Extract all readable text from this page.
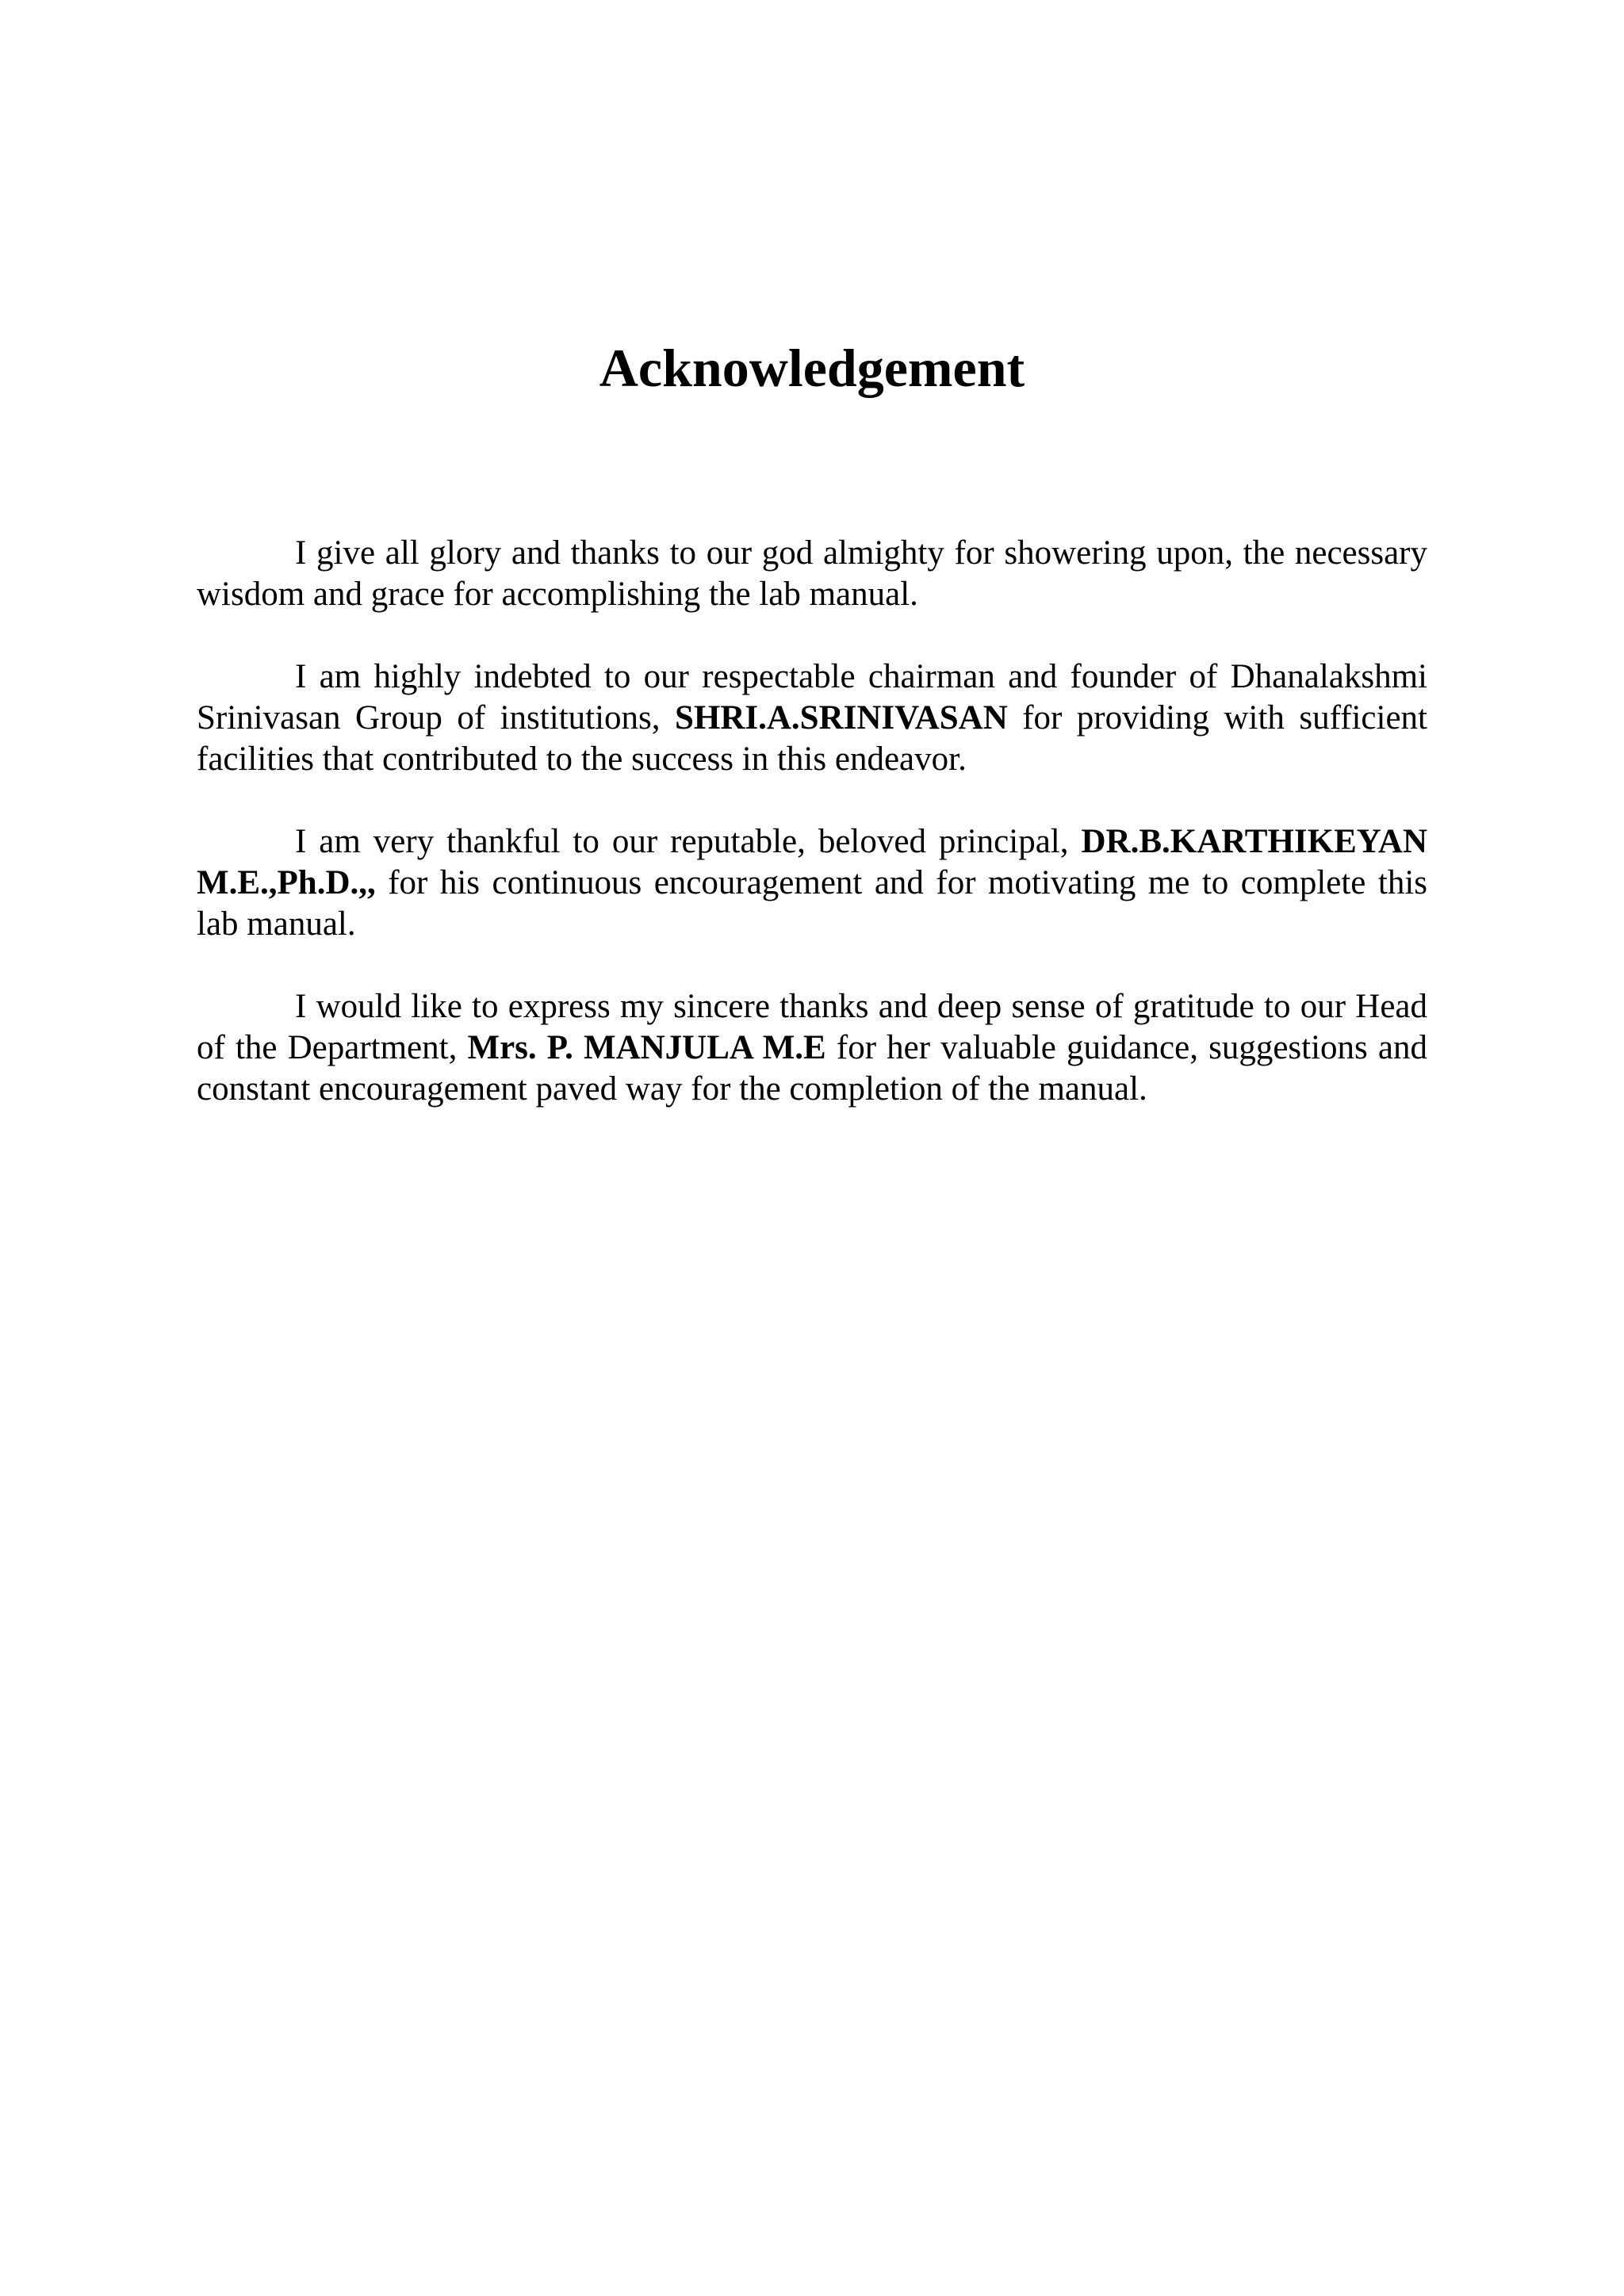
Acknowledgement

I give all glory and thanks to our god almighty for showering upon, the necessary wisdom and grace for accomplishing the lab manual.

I am highly indebted to our respectable chairman and founder of Dhanalakshmi Srinivasan Group of institutions, SHRI.A.SRINIVASAN for providing with sufficient facilities that contributed to the success in this endeavor.

I am very thankful to our reputable, beloved principal, DR.B.KARTHIKEYAN M.E.,Ph.D.,, for his continuous encouragement and for motivating me to complete this lab manual.

I would like to express my sincere thanks and deep sense of gratitude to our Head of the Department, Mrs. P. MANJULA M.E for her valuable guidance, suggestions and constant encouragement paved way for the completion of the manual.
